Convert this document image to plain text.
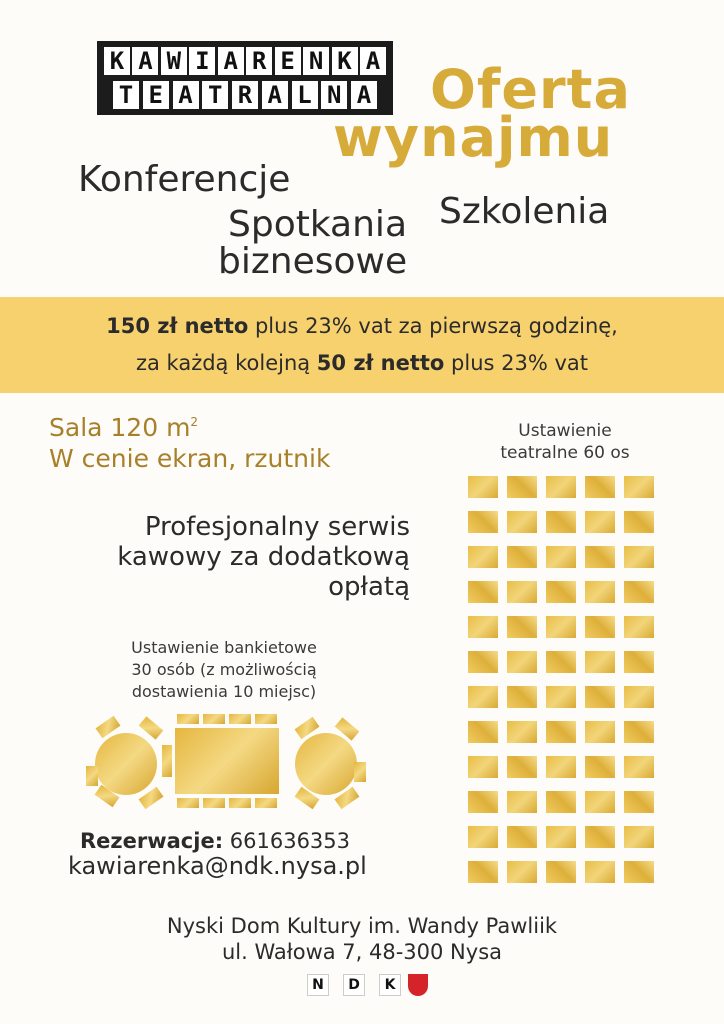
K A W I A R E N K A
T E A T R A L N A Oferta
wynajmu
Konferencje
Spotkania
biznesowe
Szkolenia
150 zł netto plus 23% vat za pierwszą godzinę,
za każdą kolejną 50 zł netto plus 23% vat
Sala 120 $m^2$
W cenie ekran, rzutnik
Ustawienie
teatralne 60 os
Profesjonalny serwis
kawowy za dodatkową
opłatą
Ustawienie bankietowe
30 osób (z możliwością
dostawienia 10 miejsc)
Rezerwacje: 661636353
kawiarenka@ndk.nysa.pl
Nyski Dom Kultury im. Wandy Pawliik
ul. Wałowa 7, 48-300 Nysa
N	D	K
